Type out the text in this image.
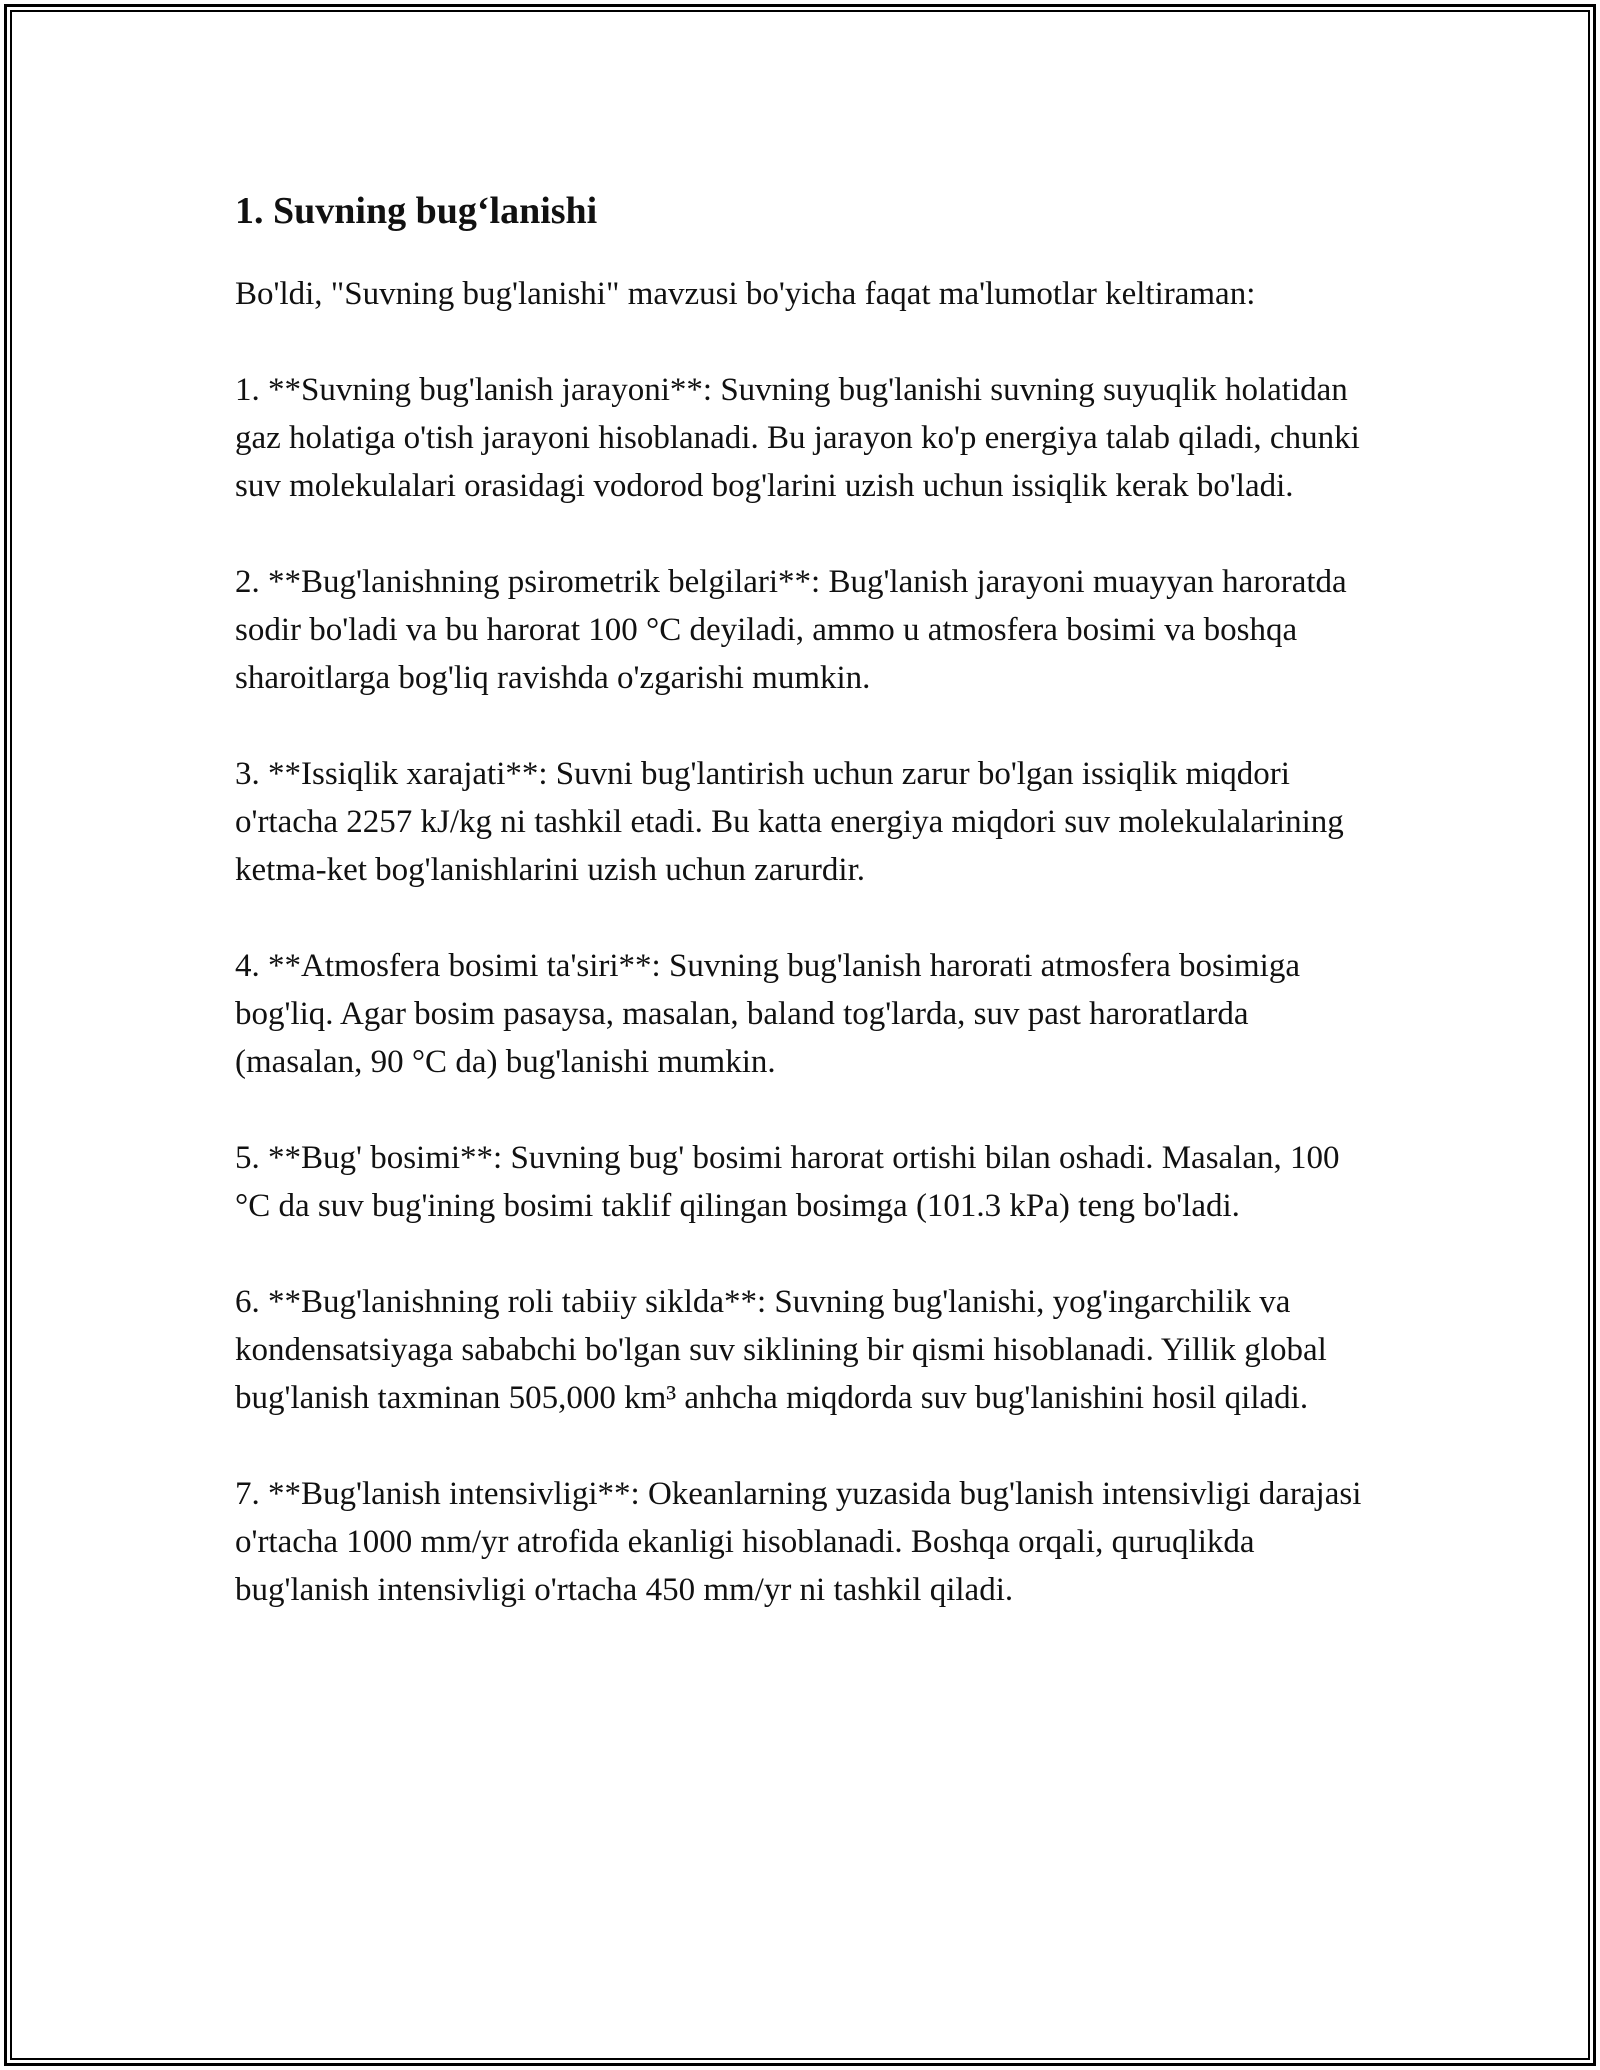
1. Suvning bug‘lanishi

Bo'ldi, "Suvning bug'lanishi" mavzusi bo'yicha faqat ma'lumotlar keltiraman:

1. **Suvning bug'lanish jarayoni**: Suvning bug'lanishi suvning suyuqlik holatidan gaz holatiga o'tish jarayoni hisoblanadi. Bu jarayon ko'p energiya talab qiladi, chunki suv molekulalari orasidagi vodorod bog'larini uzish uchun issiqlik kerak bo'ladi.

2. **Bug'lanishning psirometrik belgilari**: Bug'lanish jarayoni muayyan haroratda sodir bo'ladi va bu harorat 100 °C deyiladi, ammo u atmosfera bosimi va boshqa sharoitlarga bog'liq ravishda o'zgarishi mumkin.

3. **Issiqlik xarajati**: Suvni bug'lantirish uchun zarur bo'lgan issiqlik miqdori o'rtacha 2257 kJ/kg ni tashkil etadi. Bu katta energiya miqdori suv molekulalarining ketma-ket bog'lanishlarini uzish uchun zarurdir.

4. **Atmosfera bosimi ta'siri**: Suvning bug'lanish harorati atmosfera bosimiga bog'liq. Agar bosim pasaysa, masalan, baland tog'larda, suv past haroratlarda (masalan, 90 °C da) bug'lanishi mumkin.

5. **Bug' bosimi**: Suvning bug' bosimi harorat ortishi bilan oshadi. Masalan, 100 °C da suv bug'ining bosimi taklif qilingan bosimga (101.3 kPa) teng bo'ladi.

6. **Bug'lanishning roli tabiiy siklda**: Suvning bug'lanishi, yog'ingarchilik va kondensatsiyaga sababchi bo'lgan suv siklining bir qismi hisoblanadi. Yillik global bug'lanish taxminan 505,000 km³ anhcha miqdorda suv bug'lanishini hosil qiladi.

7. **Bug'lanish intensivligi**: Okeanlarning yuzasida bug'lanish intensivligi darajasi o'rtacha 1000 mm/yr atrofida ekanligi hisoblanadi. Boshqa orqali, quruqlikda bug'lanish intensivligi o'rtacha 450 mm/yr ni tashkil qiladi.
